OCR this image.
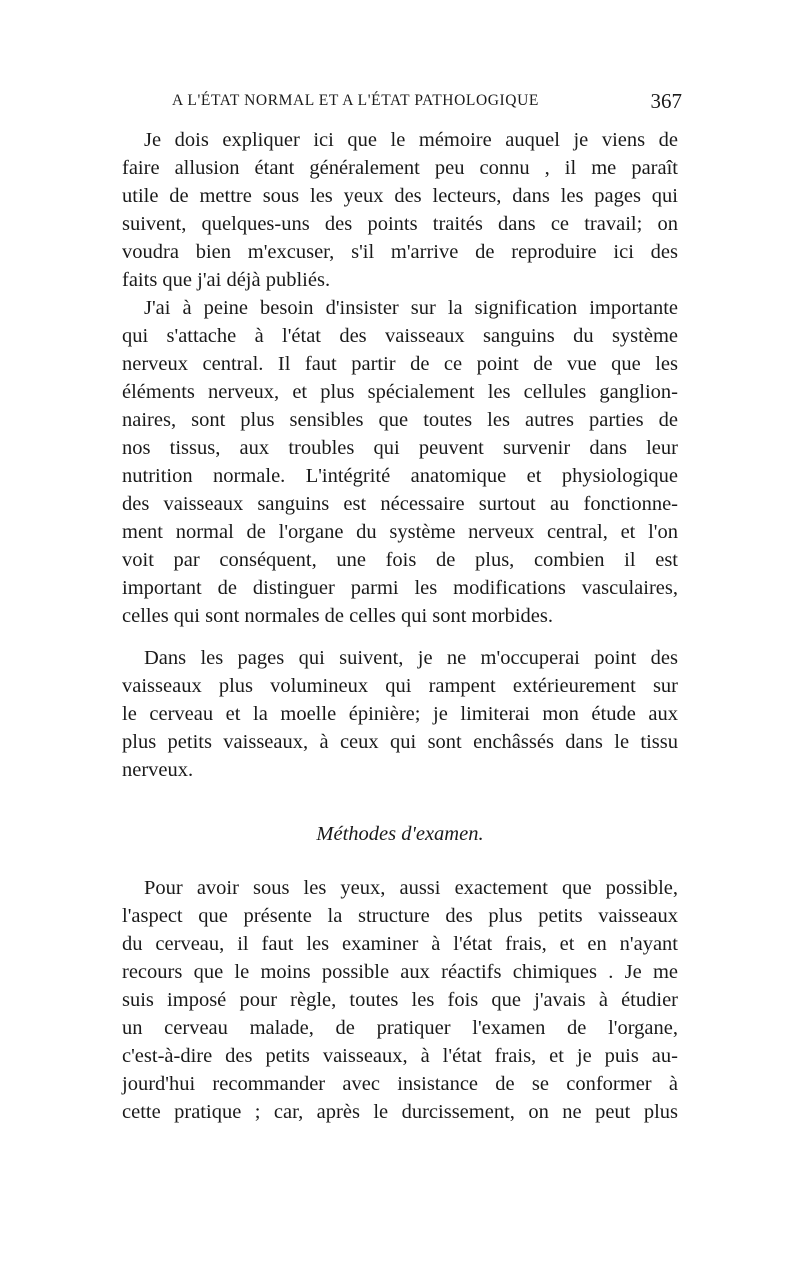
A L'ÉTAT NORMAL ET A L'ÉTAT PATHOLOGIQUE	367
Je dois expliquer ici que le mémoire auquel je viens de
faire allusion étant généralement peu connu , il me paraît
utile de mettre sous les yeux des lecteurs, dans les pages qui
suivent, quelques-uns des points traités dans ce travail; on
voudra bien m'excuser, s'il m'arrive de reproduire ici des
faits que j'ai déjà publiés.
J'ai à peine besoin d'insister sur la signification importante
qui s'attache à l'état des vaisseaux sanguins du système
nerveux central. Il faut partir de ce point de vue que les
éléments nerveux, et plus spécialement les cellules ganglion-
naires, sont plus sensibles que toutes les autres parties de
nos tissus, aux troubles qui peuvent survenir dans leur
nutrition normale. L'intégrité anatomique et physiologique
des vaisseaux sanguins est nécessaire surtout au fonctionne-
ment normal de l'organe du système nerveux central, et l'on
voit par conséquent, une fois de plus, combien il est
important de distinguer parmi les modifications vasculaires,
celles qui sont normales de celles qui sont morbides.
Dans les pages qui suivent, je ne m'occuperai point des
vaisseaux plus volumineux qui rampent extérieurement sur
le cerveau et la moelle épinière; je limiterai mon étude aux
plus petits vaisseaux, à ceux qui sont enchâssés dans le tissu
nerveux.
Méthodes d'examen.
Pour avoir sous les yeux, aussi exactement que possible,
l'aspect que présente la structure des plus petits vaisseaux
du cerveau, il faut les examiner à l'état frais, et en n'ayant
recours que le moins possible aux réactifs chimiques . Je me
suis imposé pour règle, toutes les fois que j'avais à étudier
un cerveau malade, de pratiquer l'examen de l'organe,
c'est-à-dire des petits vaisseaux, à l'état frais, et je puis au-
jourd'hui recommander avec insistance de se conformer à
cette pratique ; car, après le durcissement, on ne peut plus
